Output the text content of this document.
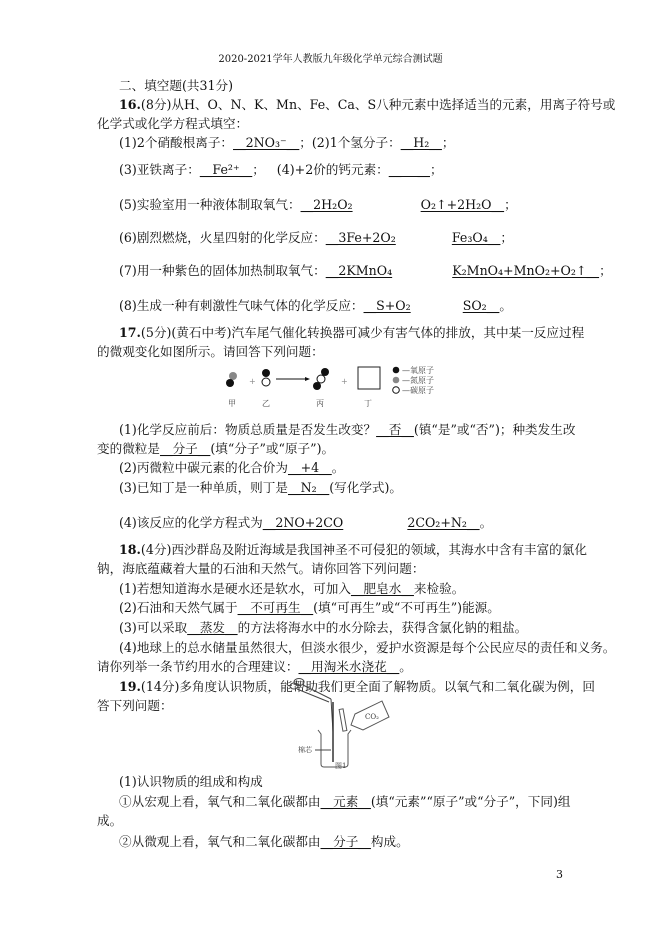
2020-2021学年人教版九年级化学单元综合测试题
二、填空题(共31分)
16.(8分)从H、O、N、K、Mn、Fe、Ca、S八种元素中选择适当的元素，用离子符号或
化学式或化学方程式填空：
(1)2个硝酸根离子：__2NO₃⁻__；(2)1个氢分子：__H₂__；
(3)亚铁离子：__Fe²⁺__；   (4)+2价的钙元素：__    __；
(5)实验室用一种液体制取氧气：__2H₂O₂	O₂↑+2H₂O__；
(6)剧烈燃烧，火星四射的化学反应：__3Fe+2O₂	Fe₃O₄__；
(7)用一种紫色的固体加热制取氧气：__2KMnO₄	K₂MnO₄+MnO₂+O₂↑__；
(8)生成一种有刺激性气味气体的化学反应：__S+O₂	SO₂__。
17.(5分)(黄石中考)汽车尾气催化转换器可减少有害气体的排放，其中某一反应过程
的微观变化如图所示。请回答下列问题：
(1)化学反应前后：物质总质量是否发生改变？__否__(镇“是”或“否”)；种类发生改
变的微粒是__分子__(填“分子”或“原子”)。
(2)丙微粒中碳元素的化合价为__+4__。
(3)已知丁是一种单质，则丁是__N₂__(写化学式)。
(4)该反应的化学方程式为__2NO+2CO	2CO₂+N₂__。
18.(4分)西沙群岛及附近海域是我国神圣不可侵犯的领域，其海水中含有丰富的氯化
钠，海底蕴藏着大量的石油和天然气。请你回答下列问题：
(1)若想知道海水是硬水还是软水，可加入__肥皂水__来检验。
(2)石油和天然气属于__不可再生__(填“可再生”或“不可再生”)能源。
(3)可以采取__蒸发__的方法将海水中的水分除去，获得含氯化钠的粗盐。
(4)地球上的总水储量虽然很大，但淡水很少，爱护水资源是每个公民应尽的责任和义务。
请你列举一条节约用水的合理建议：__用淘米水浇花__。
19.(14分)多角度认识物质，能帮助我们更全面了解物质。以氧气和二氧化碳为例，回
答下列问题：
(1)认识物质的组成和构成
①从宏观上看，氧气和二氧化碳都由__元素__(填“元素”“原子”或“分子”，下同)组
成。
②从微观上看，氧气和二氧化碳都由__分子__构成。
+	+
—氧原子
—氮原子
—碳原子
甲	乙	丙	丁
CO₂
棉芯
图1
3
